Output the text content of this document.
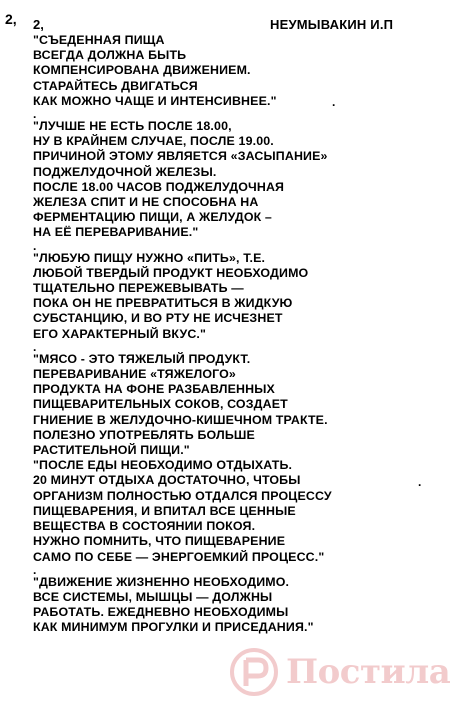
2, 2,	НЕУМЫВАКИН И.П
"СЪЕДЕННАЯ ПИЩА
ВСЕГДА ДОЛЖНА БЫТЬ
КОМПЕНСИРОВАНА ДВИЖЕНИЕМ.
СТАРАЙТЕСЬ ДВИГАТЬСЯ
КАК МОЖНО ЧАЩЕ И ИНТЕНСИВНЕЕ."
.
"ЛУЧШЕ НЕ ЕСТЬ ПОСЛЕ 18.00,
НУ В КРАЙНЕМ СЛУЧАЕ, ПОСЛЕ 19.00.
ПРИЧИНОЙ ЭТОМУ ЯВЛЯЕТСЯ «ЗАСЫПАНИЕ»
ПОДЖЕЛУДОЧНОЙ ЖЕЛЕЗЫ.
ПОСЛЕ 18.00 ЧАСОВ ПОДЖЕЛУДОЧНАЯ
ЖЕЛЕЗА СПИТ И НЕ СПОСОБНА НА
ФЕРМЕНТАЦИЮ ПИЩИ, А ЖЕЛУДОК –
НА ЕЁ ПЕРЕВАРИВАНИЕ."
.
"ЛЮБУЮ ПИЩУ НУЖНО «ПИТЬ», Т.Е.
ЛЮБОЙ ТВЕРДЫЙ ПРОДУКТ НЕОБХОДИМО
ТЩАТЕЛЬНО ПЕРЕЖЕВЫВАТЬ —
ПОКА ОН НЕ ПРЕВРАТИТЬСЯ В ЖИДКУЮ
СУБСТАНЦИЮ, И ВО РТУ НЕ ИСЧЕЗНЕТ
ЕГО ХАРАКТЕРНЫЙ ВКУС."
.
"МЯСО - ЭТО ТЯЖЕЛЫЙ ПРОДУКТ.
ПЕРЕВАРИВАНИЕ «ТЯЖЕЛОГО»
ПРОДУКТА НА ФОНЕ РАЗБАВЛЕННЫХ
ПИЩЕВАРИТЕЛЬНЫХ СОКОВ, СОЗДАЕТ
ГНИЕНИЕ В ЖЕЛУДОЧНО-КИШЕЧНОМ ТРАКТЕ.
ПОЛЕЗНО УПОТРЕБЛЯТЬ БОЛЬШЕ
РАСТИТЕЛЬНОЙ ПИЩИ."
"ПОСЛЕ ЕДЫ НЕОБХОДИМО ОТДЫХАТЬ.
20 МИНУТ ОТДЫХА ДОСТАТОЧНО, ЧТОБЫ
ОРГАНИЗМ ПОЛНОСТЬЮ ОТДАЛСЯ ПРОЦЕССУ
ПИЩЕВАРЕНИЯ, И ВПИТАЛ ВСЕ ЦЕННЫЕ
ВЕЩЕСТВА В СОСТОЯНИИ ПОКОЯ.
НУЖНО ПОМНИТЬ, ЧТО ПИЩЕВАРЕНИЕ
САМО ПО СЕБЕ — ЭНЕРГОЕМКИЙ ПРОЦЕСС."
.
"ДВИЖЕНИЕ ЖИЗНЕННО НЕОБХОДИМО.
ВСЕ СИСТЕМЫ, МЫШЦЫ — ДОЛЖНЫ
РАБОТАТЬ. ЕЖЕДНЕВНО НЕОБХОДИМЫ
КАК МИНИМУМ ПРОГУЛКИ И ПРИСЕДАНИЯ."
.
.
Постила
